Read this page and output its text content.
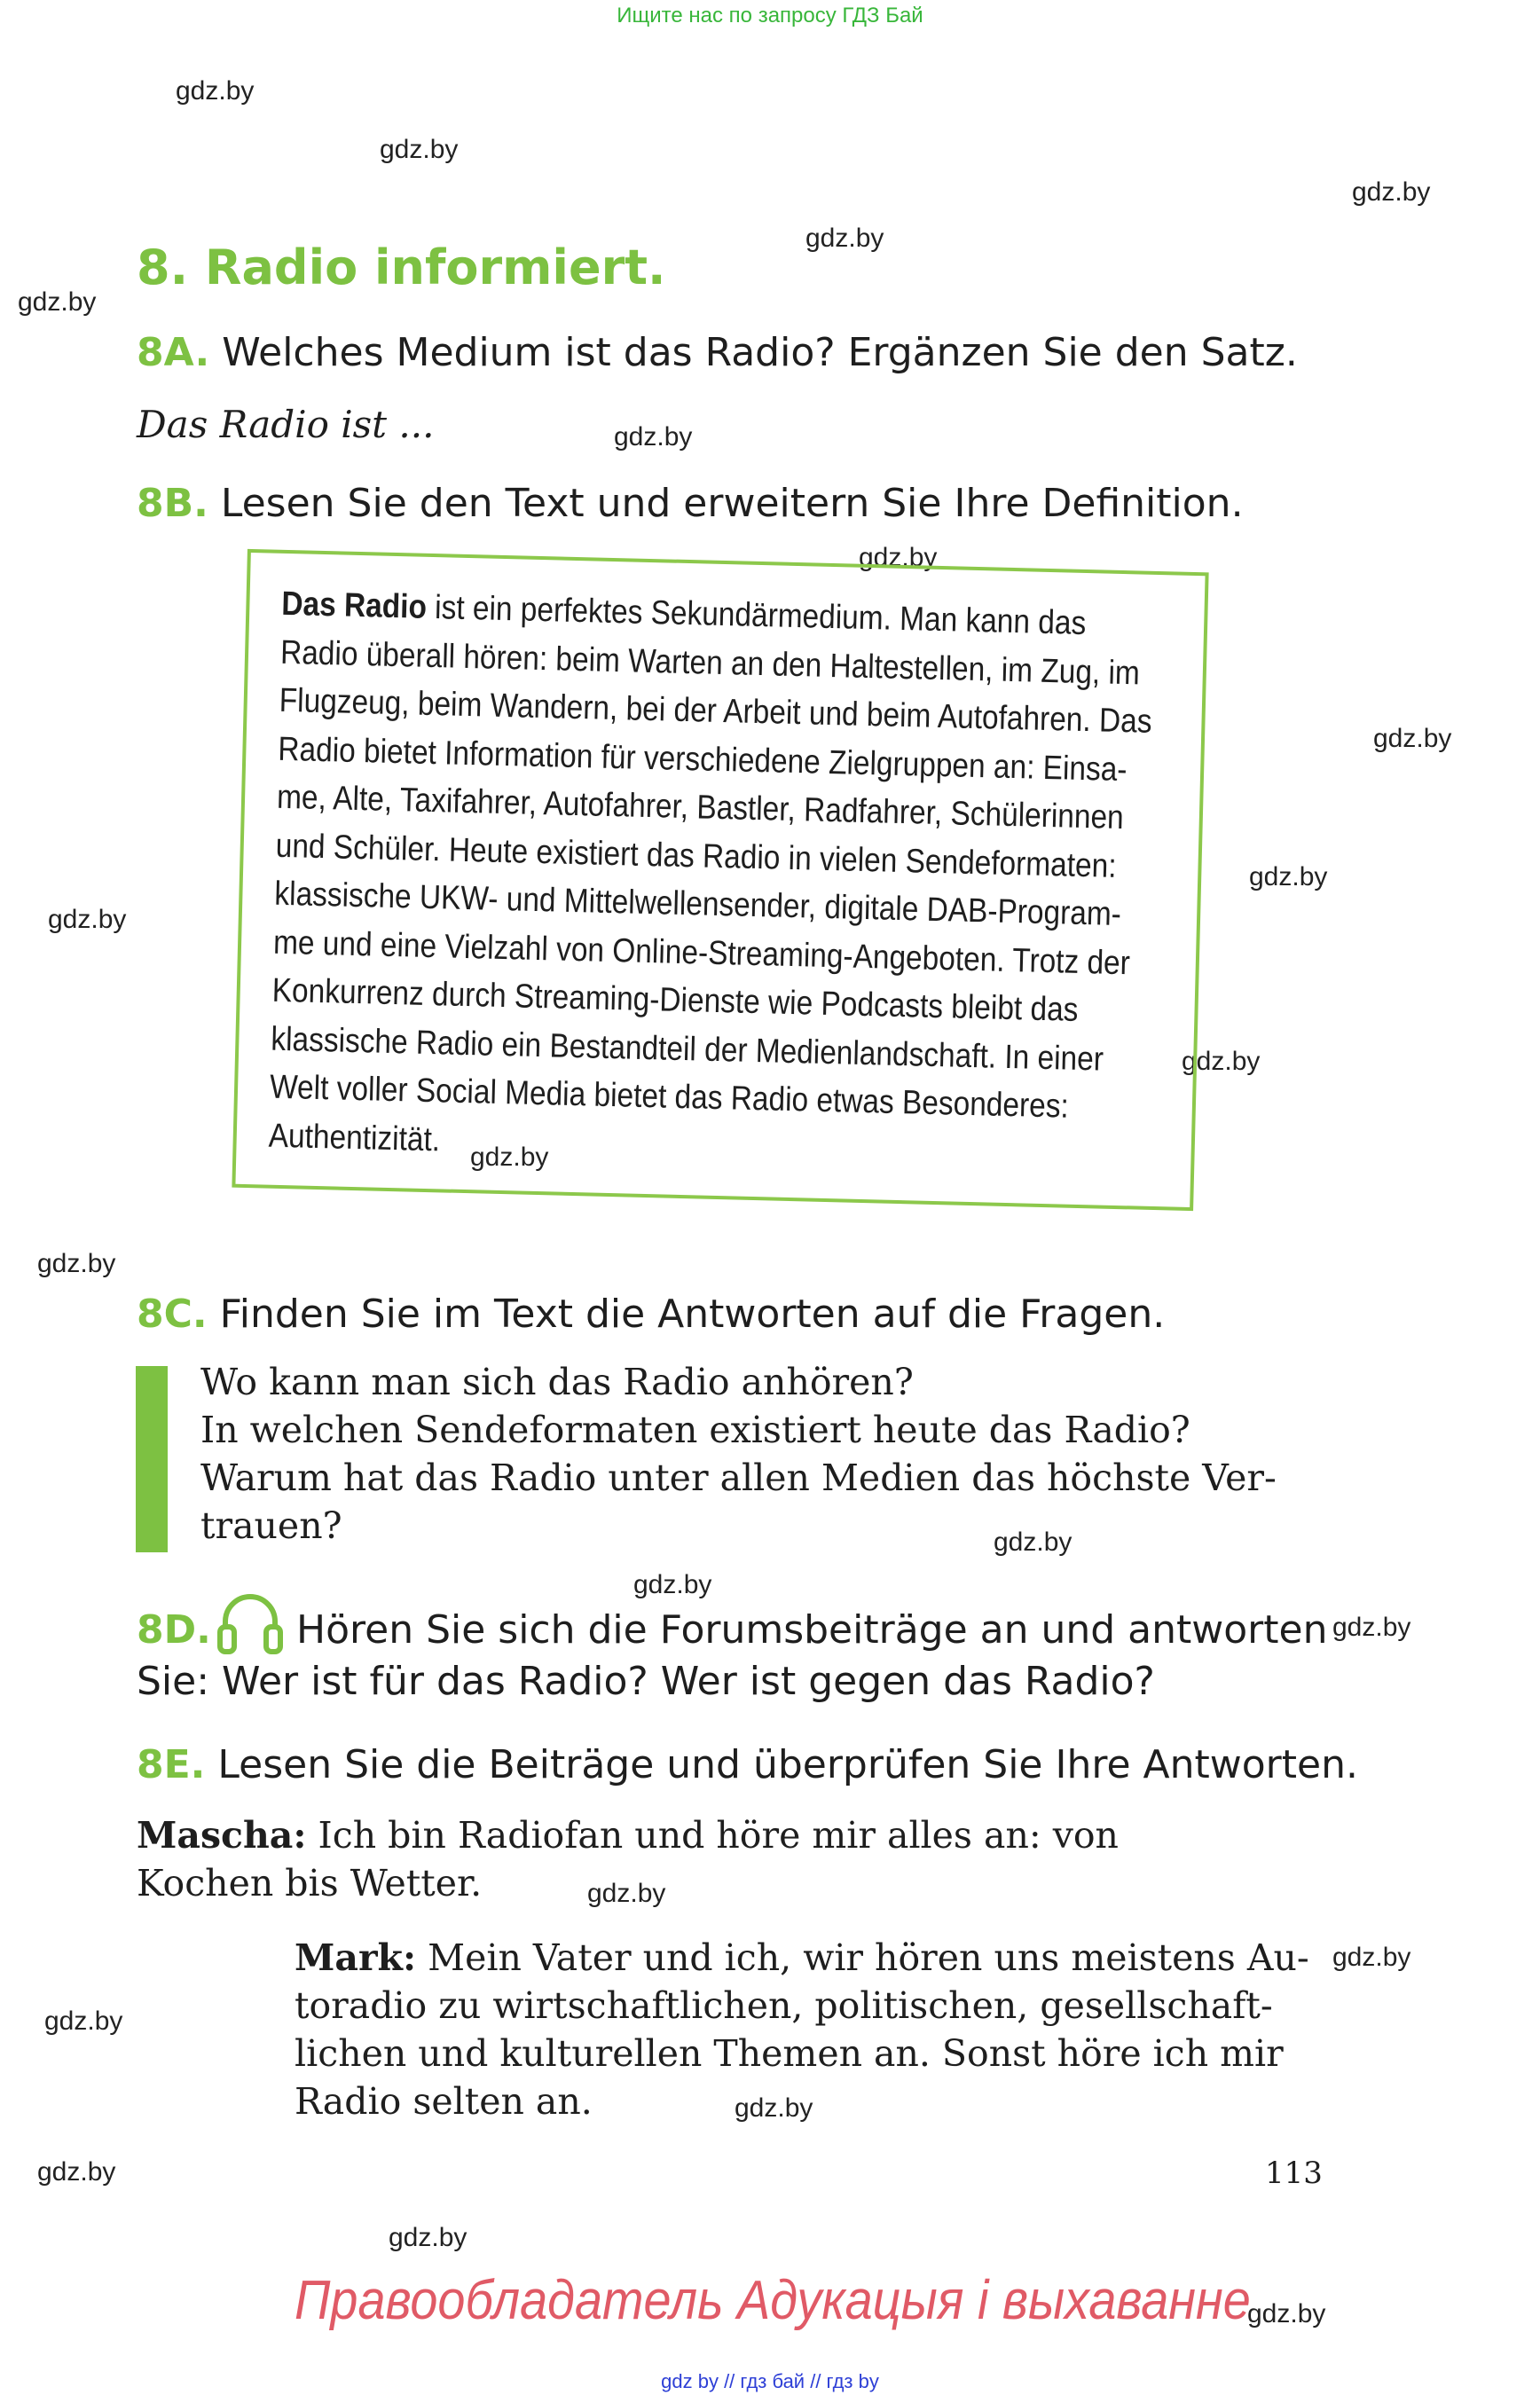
Ищите нас по запросу ГДЗ Бай
gdz.by
gdz.by
gdz.by
gdz.by
gdz.by
gdz.by
gdz.by
gdz.by
gdz.by
gdz.by
gdz.by
gdz.by
gdz.by
gdz.by
gdz.by
gdz.by
gdz.by
gdz.by
gdz.by
gdz.by
gdz.by
gdz.by
gdz.by
8. Radio informiert.
8A. Welches Medium ist das Radio? Ergänzen Sie den Satz.
Das Radio ist ...
8B. Lesen Sie den Text und erweitern Sie Ihre Definition.
Das Radio ist ein perfektes Sekundärmedium. Man kann das
Radio überall hören: beim Warten an den Haltestellen, im Zug, im
Flugzeug, beim Wandern, bei der Arbeit und beim Autofahren. Das
Radio bietet Information für verschiedene Zielgruppen an: Einsa-
me, Alte, Taxifahrer, Autofahrer, Bastler, Radfahrer, Schülerinnen
und Schüler. Heute existiert das Radio in vielen Sendeformaten:
klassische UKW- und Mittelwellensender, digitale DAB-Program-
me und eine Vielzahl von Online-Streaming-Angeboten. Trotz der
Konkurrenz durch Streaming-Dienste wie Podcasts bleibt das
klassische Radio ein Bestandteil der Medienlandschaft. In einer
Welt voller Social Media bietet das Radio etwas Besonderes:
Authentizität.
8C. Finden Sie im Text die Antworten auf die Fragen.
Wo kann man sich das Radio anhören?
In welchen Sendeformaten existiert heute das Radio?
Warum hat das Radio unter allen Medien das höchste Ver-
trauen?
8D.	Hören Sie sich die Forumsbeiträge an und antworten
Sie: Wer ist für das Radio? Wer ist gegen das Radio?
8E. Lesen Sie die Beiträge und überprüfen Sie Ihre Antworten.
Mascha: Ich bin Radiofan und höre mir alles an: von
Kochen bis Wetter.
Mark: Mein Vater und ich, wir hören uns meistens Au-
toradio zu wirtschaftlichen, politischen, gesellschaft-
lichen und kulturellen Themen an. Sonst höre ich mir
Radio selten an.
113
Правообладатель Адукацыя і выхаванне
gdz by // гдз бай // гдз by
